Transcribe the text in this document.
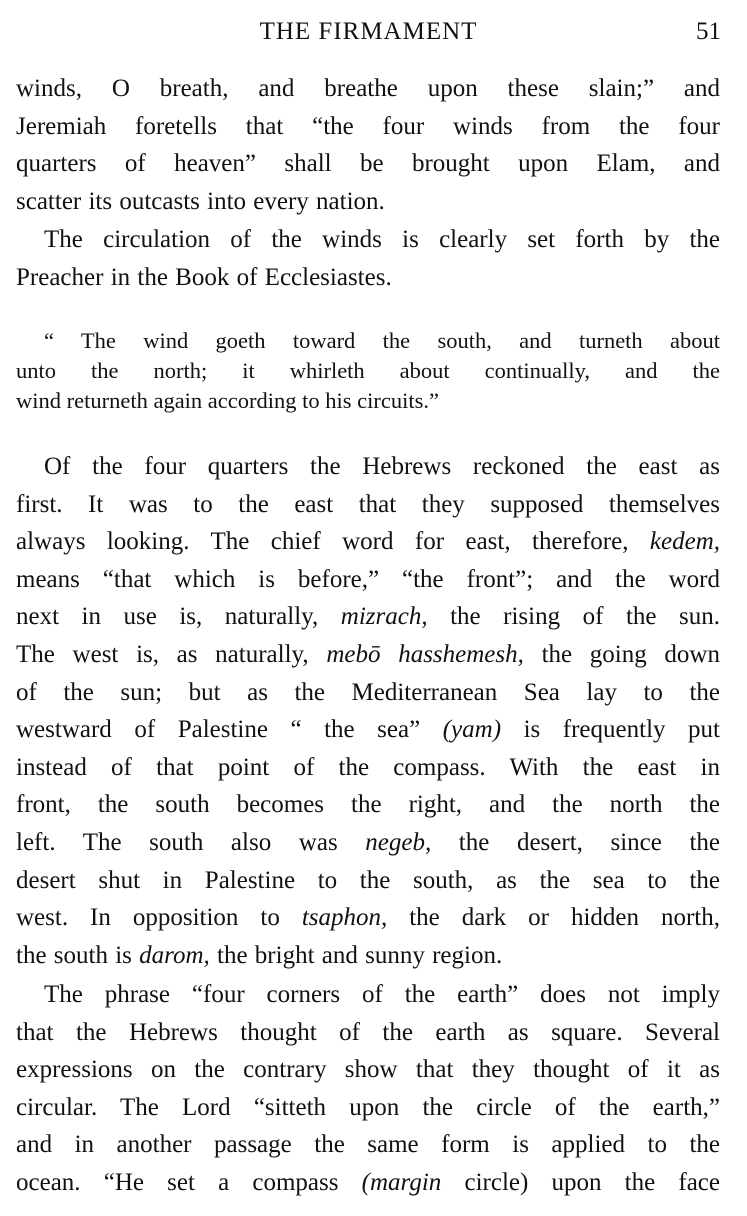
THE FIRMAMENT	51

winds, O breath, and breathe upon these slain;” and
Jeremiah foretells that “the four winds from the four
quarters of heaven” shall be brought upon Elam, and
scatter its outcasts into every nation.

The circulation of the winds is clearly set forth by the
Preacher in the Book of Ecclesiastes.

“ The wind goeth toward the south, and turneth about
unto the north; it whirleth about continually, and the
wind returneth again according to his circuits.”

Of the four quarters the Hebrews reckoned the east as
first. It was to the east that they supposed themselves
always looking. The chief word for east, therefore, kedem,
means “that which is before,” “the front”; and the word
next in use is, naturally, mizrach, the rising of the sun.
The west is, as naturally, mebō hasshemesh, the going down
of the sun; but as the Mediterranean Sea lay to the
westward of Palestine “ the sea” (yam) is frequently put
instead of that point of the compass. With the east in
front, the south becomes the right, and the north the
left. The south also was negeb, the desert, since the
desert shut in Palestine to the south, as the sea to the
west. In opposition to tsaphon, the dark or hidden north,
the south is darom, the bright and sunny region.

The phrase “four corners of the earth” does not imply
that the Hebrews thought of the earth as square. Several
expressions on the contrary show that they thought of it as
circular. The Lord “sitteth upon the circle of the earth,”
and in another passage the same form is applied to the
ocean. “He set a compass (margin circle) upon the face
